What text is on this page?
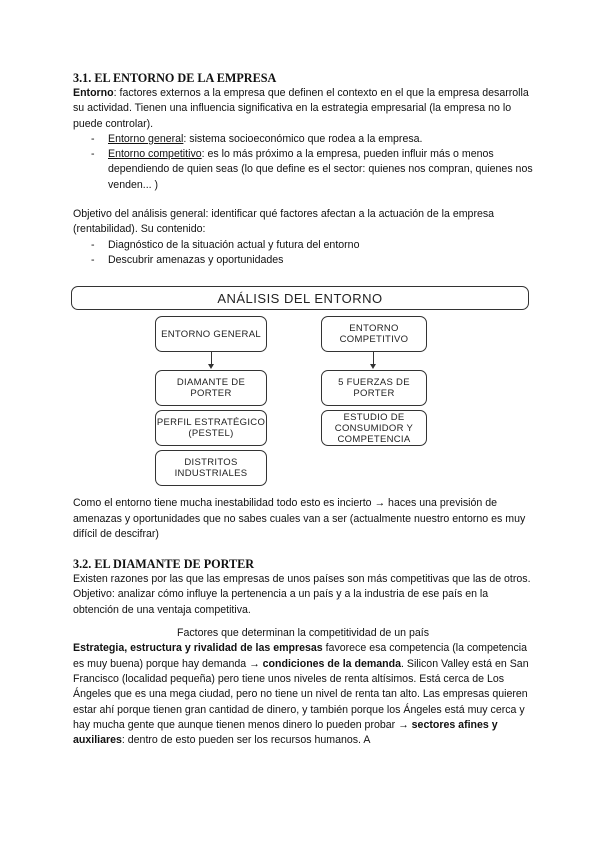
3.1. EL ENTORNO DE LA EMPRESA

Entorno: factores externos a la empresa que definen el contexto en el que la empresa desarrolla su actividad. Tienen una influencia significativa en la estrategia empresarial (la empresa no lo puede controlar).

- Entorno general: sistema socioeconómico que rodea a la empresa.
- Entorno competitivo: es lo más próximo a la empresa, pueden influir más o menos dependiendo de quien seas (lo que define es el sector: quienes nos compran, quienes nos venden... )

Objetivo del análisis general: identificar qué factores afectan a la actuación de la empresa (rentabilidad). Su contenido:

- Diagnóstico de la situación actual y futura del entorno
- Descubrir amenazas y oportunidades
ANÁLISIS DEL ENTORNO
ENTORNO GENERAL	ENTORNO COMPETITIVO
DIAMANTE DE PORTER
PERFIL ESTRATÉGICO (PESTEL)
DISTRITOS INDUSTRIALES
5 FUERZAS DE PORTER
ESTUDIO DE CONSUMIDOR Y COMPETENCIA

Como el entorno tiene mucha inestabilidad todo esto es incierto → haces una previsión de amenazas y oportunidades que no sabes cuales van a ser (actualmente nuestro entorno es muy difícil de descifrar)

3.2. EL DIAMANTE DE PORTER

Existen razones por las que las empresas de unos países son más competitivas que las de otros. Objetivo: analizar cómo influye la pertenencia a un país y a la industria de ese país en la obtención de una ventaja competitiva.

Factores que determinan la competitividad de un país

Estrategia, estructura y rivalidad de las empresas favorece esa competencia (la competencia es muy buena) porque hay demanda → condiciones de la demanda. Silicon Valley está en San Francisco (localidad pequeña) pero tiene unos niveles de renta altísimos. Está cerca de Los Ángeles que es una mega ciudad, pero no tiene un nivel de renta tan alto. Las empresas quieren estar ahí porque tienen gran cantidad de dinero, y también porque los Ángeles está muy cerca y hay mucha gente que aunque tienen menos dinero lo pueden probar → sectores afines y auxiliares: dentro de esto pueden ser los recursos humanos. A
